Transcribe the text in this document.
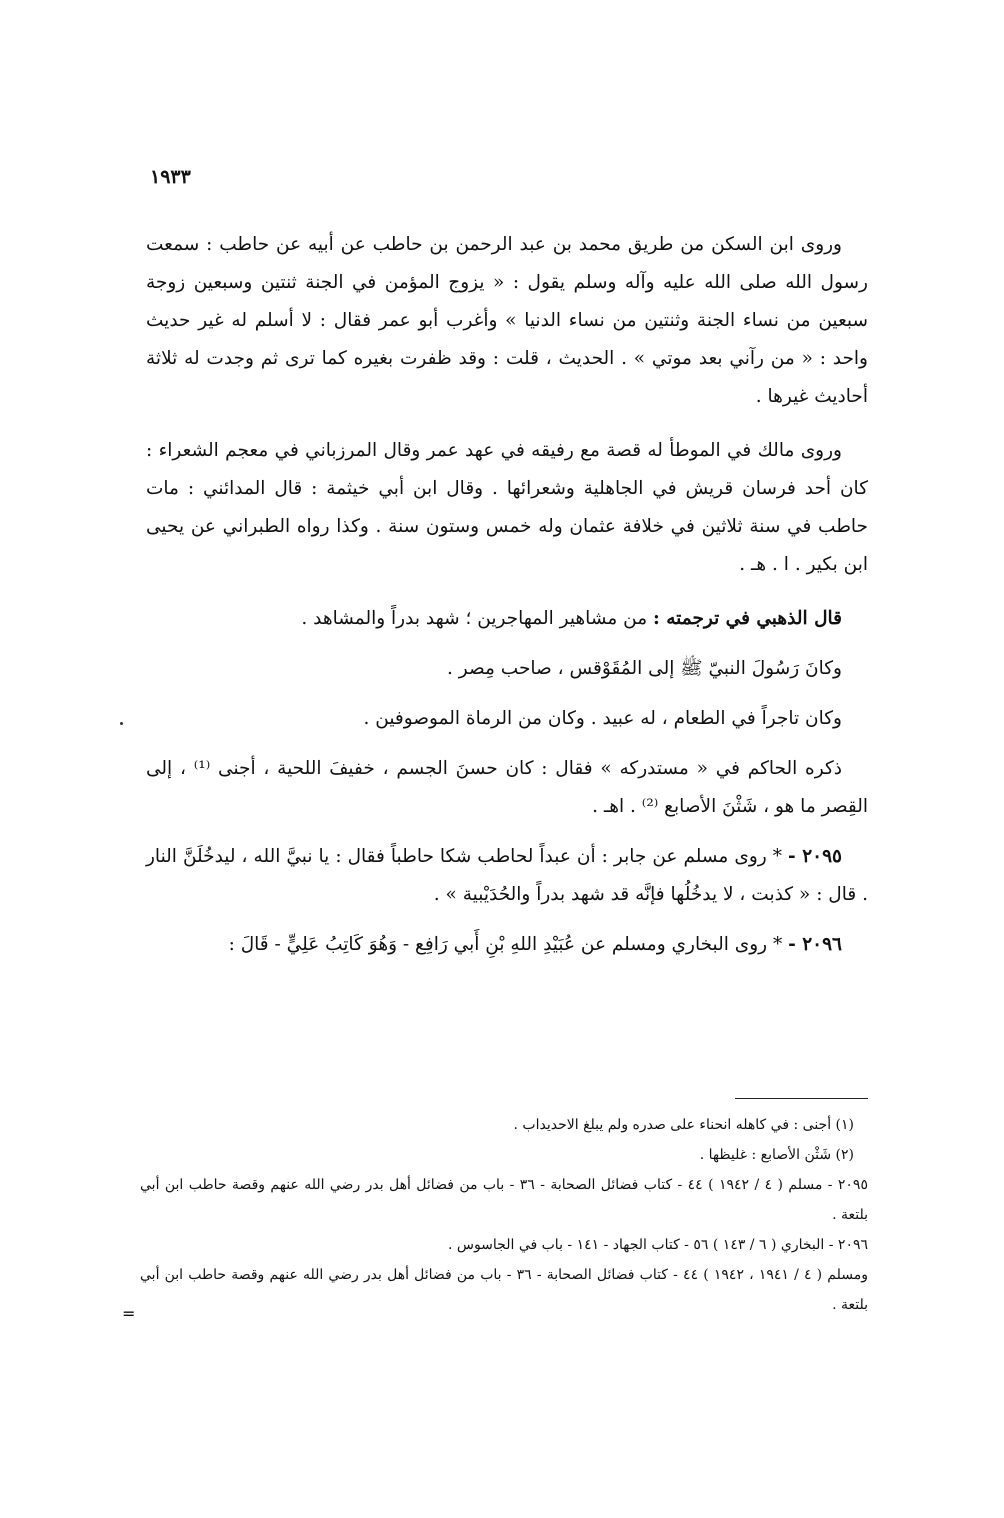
١٩٣٣

وروى ابن السكن من طريق محمد بن عبد الرحمن بن حاطب عن أبيه عن حاطب : سمعت رسول الله صلى الله عليه وآله وسلم يقول : « يزوج المؤمن في الجنة ثنتين وسبعين زوجة سبعين من نساء الجنة وثنتين من نساء الدنيا » وأغرب أبو عمر فقال : لا أسلم له غير حديث واحد : « من رآني بعد موتي » . الحديث ، قلت : وقد ظفرت بغيره كما ترى ثم وجدت له ثلاثة أحاديث غيرها .

وروى مالك في الموطأ له قصة مع رفيقه في عهد عمر وقال المرزباني في معجم الشعراء : كان أحد فرسان قريش في الجاهلية وشعرائها . وقال ابن أبي خيثمة : قال المدائني : مات حاطب في سنة ثلاثين في خلافة عثمان وله خمس وستون سنة . وكذا رواه الطبراني عن يحيى ابن بكير . ا . هـ .

قال الذهبي في ترجمته : من مشاهير المهاجرين ؛ شهد بدراً والمشاهد .

وكانَ رَسُولَ النبيّ ﷺ إلى المُقَوْقس ، صاحب مِصر .

وكان تاجراً في الطعام ، له عبيد . وكان من الرماة الموصوفين .

ذكره الحاكم في « مستدركه » فقال : كان حسنَ الجسم ، خفيفَ اللحية ، أجنى ⁽¹⁾ ، إلى القِصر ما هو ، شَثْنَ الأصابع ⁽²⁾ . اهـ .

٢٠٩٥ - * روى مسلم عن جابر : أن عبداً لحاطب شكا حاطباً فقال : يا نبيَّ الله ، ليدخُلَنَّ النار . قال : « كذبت ، لا يدخُلُها فإنَّه قد شهد بدراً والحُدَيْبية » .

٢٠٩٦ - * روى البخاري ومسلم عن عُبَيْدِ اللهِ بْنِ أَبي رَافِع - وَهُوَ كَاتِبُ عَلِيٍّ - قَالَ :

(١) أجنى : في كاهله انحناء على صدره ولم يبلغ الاحديداب .

(٢) شَثْن الأصابع : غليظها .

٢٠٩٥ - مسلم ( ٤ / ١٩٤٢ ) ٤٤ - كتاب فضائل الصحابة - ٣٦ - باب من فضائل أهل بدر رضي الله عنهم وقصة حاطب ابن أبي بلتعة .

٢٠٩٦ - البخاري ( ٦ / ١٤٣ ) ٥٦ - كتاب الجهاد - ١٤١ - باب في الجاسوس .

ومسلم ( ٤ / ١٩٤١ ، ١٩٤٢ ) ٤٤ - كتاب فضائل الصحابة - ٣٦ - باب من فضائل أهل بدر رضي الله عنهم وقصة حاطب ابن أبي بلتعة .

=
